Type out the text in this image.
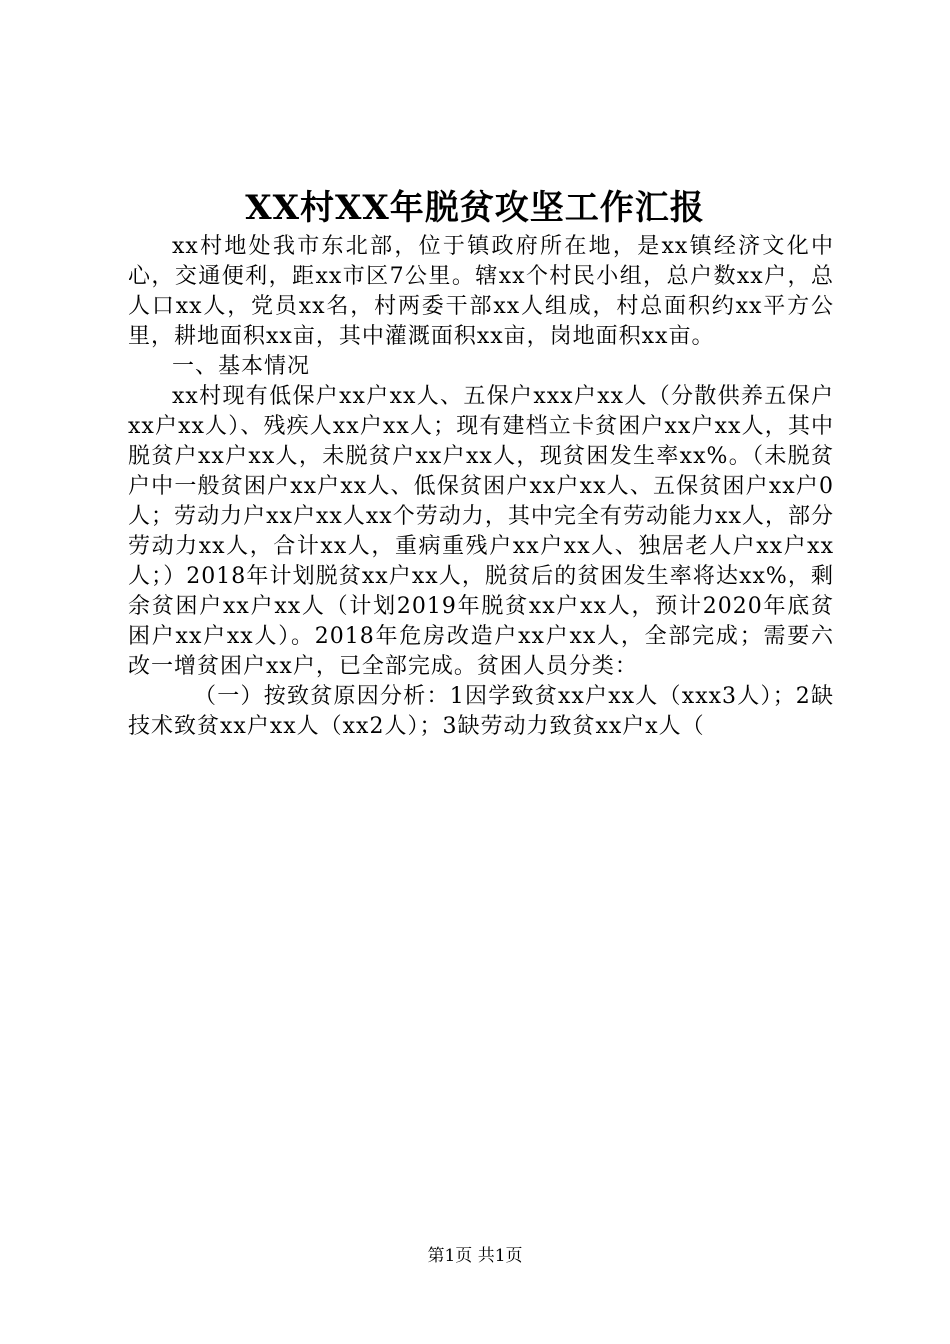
XX村XX年脱贫攻坚工作汇报

xx村地处我市东北部，位于镇政府所在地，是xx镇经济文化中心，交通便利，距xx市区7公里。辖xx个村民小组，总户数xx户，总人口xx人，党员xx名，村两委干部xx人组成，村总面积约xx平方公里，耕地面积xx亩，其中灌溉面积xx亩，岗地面积xx亩。

一、基本情况

xx村现有低保户xx户xx人、五保户xxx户xx人（分散供养五保户xx户xx人）、残疾人xx户xx人；现有建档立卡贫困户xx户xx人，其中脱贫户xx户xx人，未脱贫户xx户xx人，现贫困发生率xx%。（未脱贫户中一般贫困户xx户xx人、低保贫困户xx户xx人、五保贫困户xx户0人；劳动力户xx户xx人xx个劳动力，其中完全有劳动能力xx人，部分劳动力xx人，合计xx人，重病重残户xx户xx人、独居老人户xx户xx人；）2018年计划脱贫xx户xx人，脱贫后的贫困发生率将达xx%，剩余贫困户xx户xx人（计划2019年脱贫xx户xx人，预计2020年底贫困户xx户xx人）。2018年危房改造户xx户xx人，全部完成；需要六改一增贫困户xx户，已全部完成。贫困人员分类：

（一）按致贫原因分析：1因学致贫xx户xx人（xxx3人）；2缺技术致贫xx户xx人（xx2人）；3缺劳动力致贫xx户x人（

第1页 共1页
